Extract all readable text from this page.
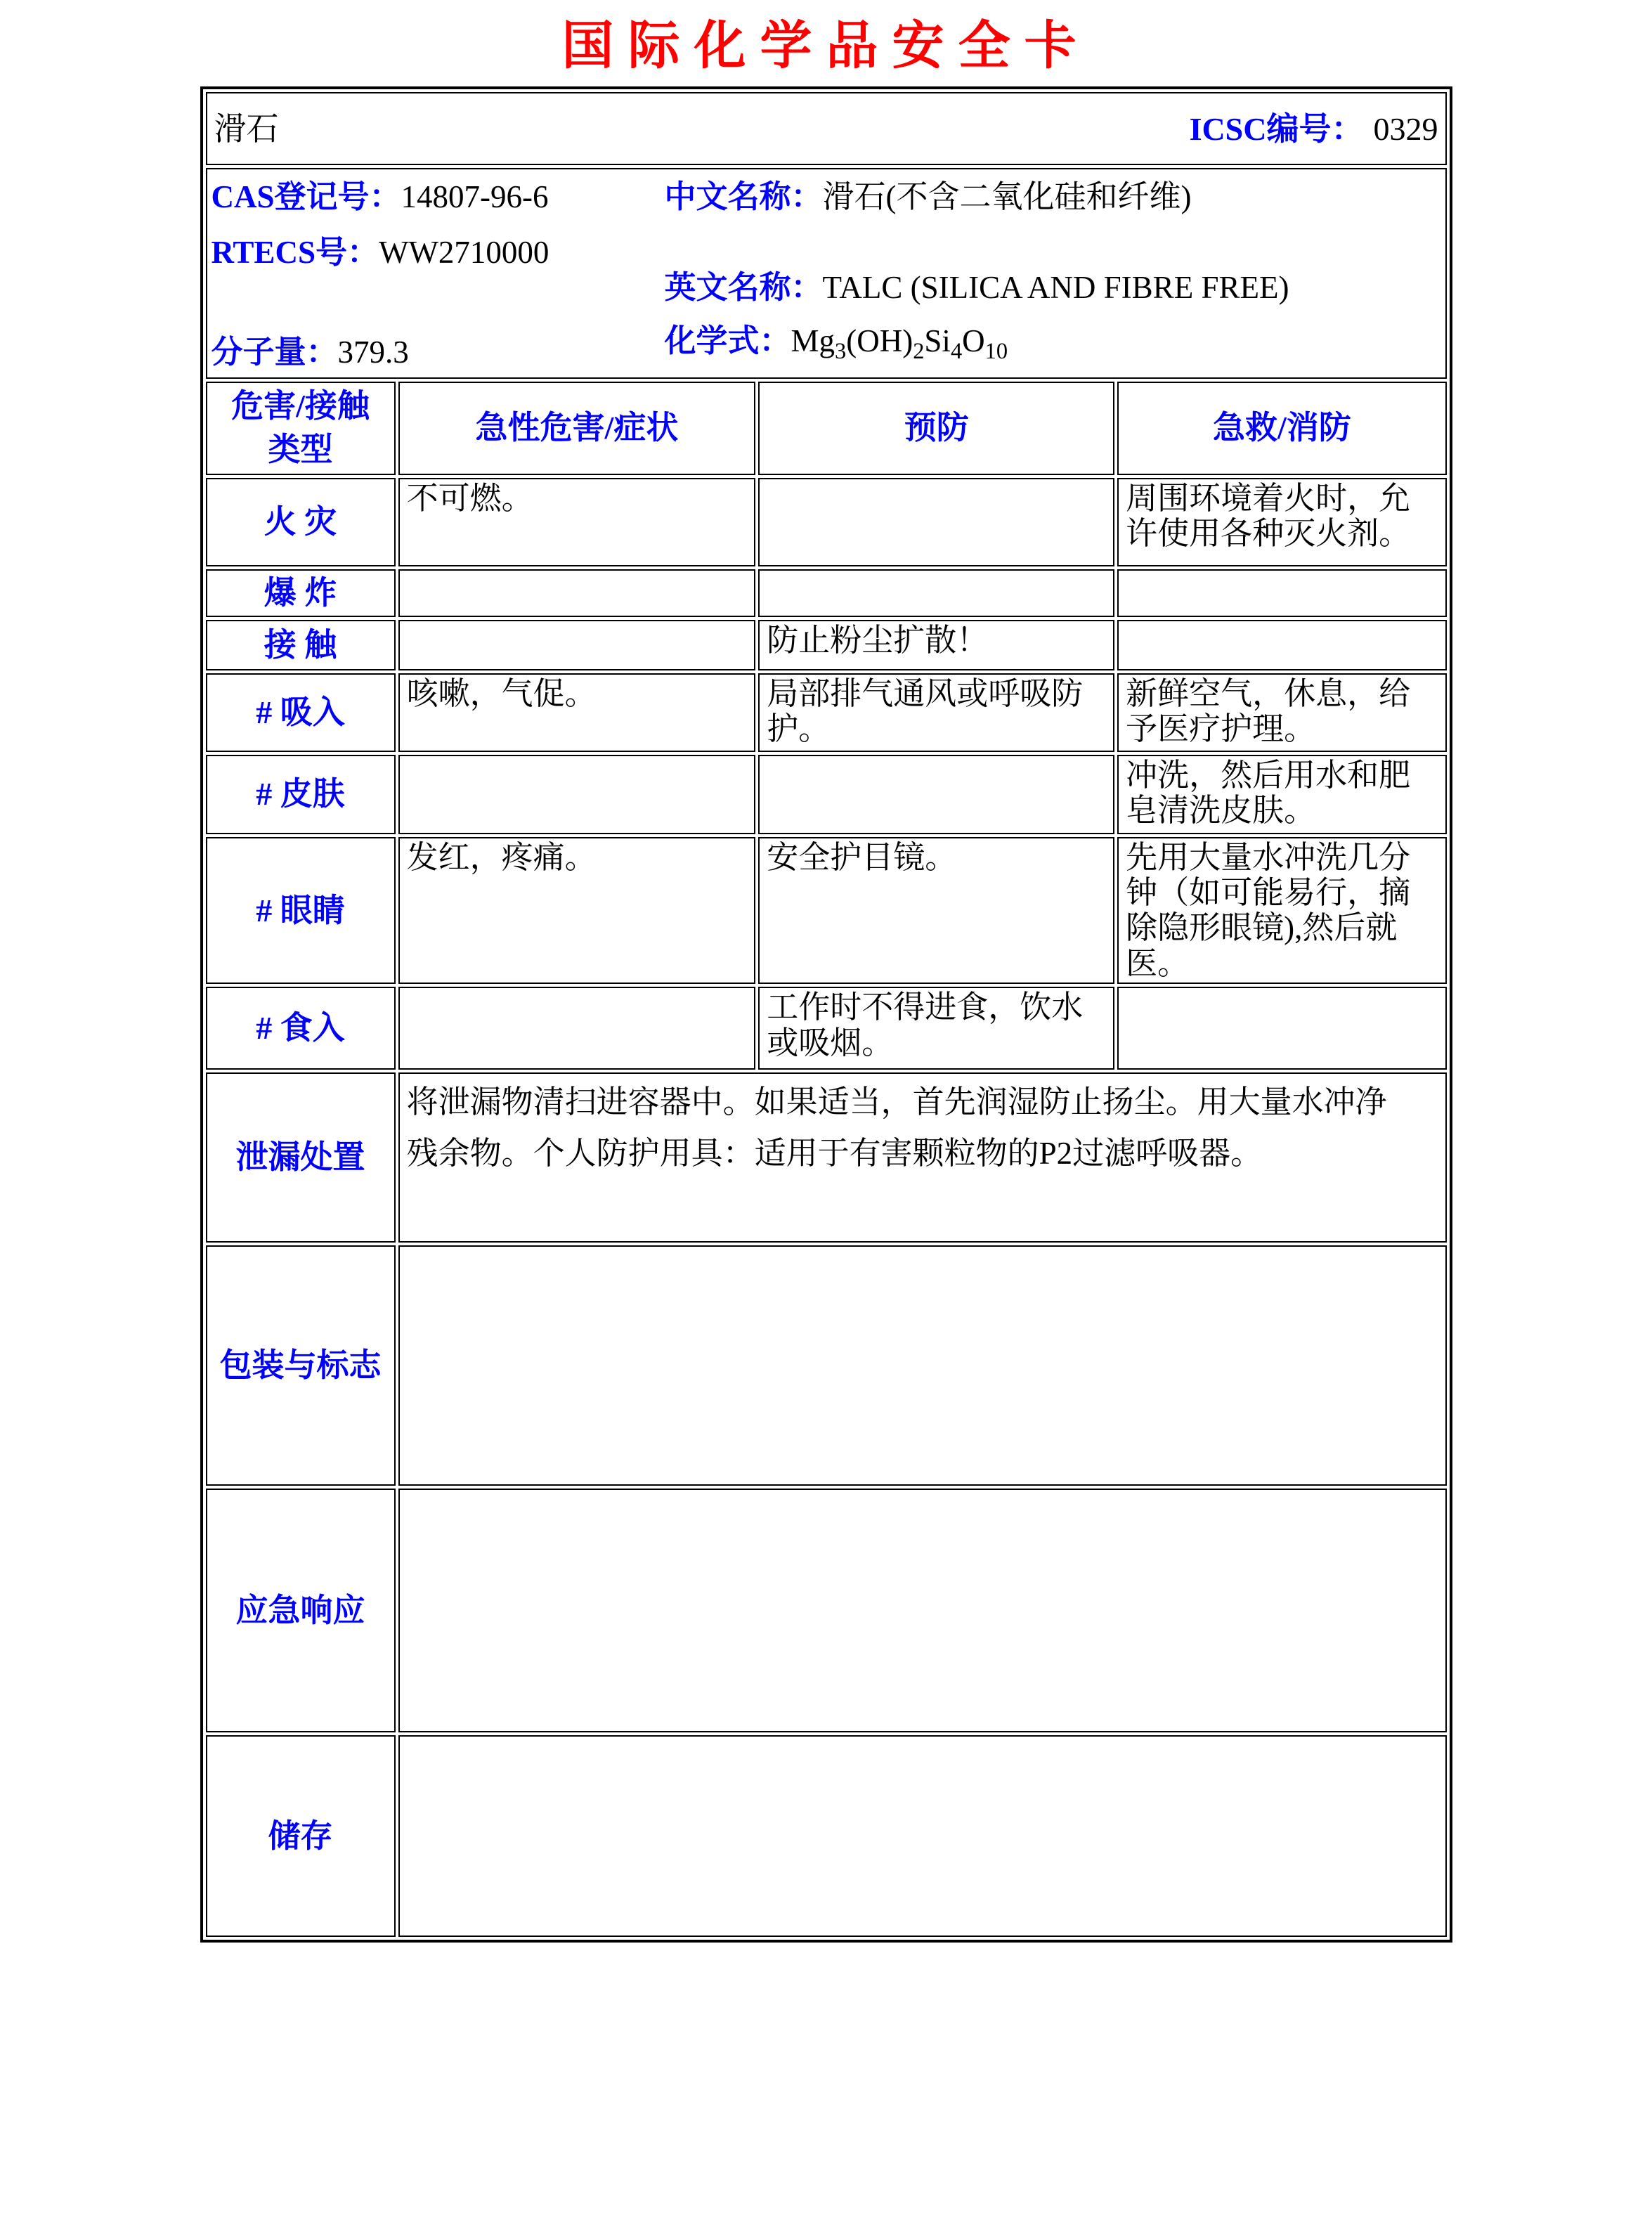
国际化学品安全卡
滑石 ICSC编号： 0329			

CAS登记号：14807-96-6
RTECS号：WW2710000
分子量：379.3
中文名称：滑石(不含二氧化硅和纤维)
英文名称：TALC (SILICA AND FIBRE FREE)
化学式：$Mg_3(OH)_2Si_4O_{10}$

危害/接触
类型	急性危害/症状	预防	急救/消防
火 灾	不可燃。		周围环境着火时，允许使用各种灭火剂。
爆 炸			
接 触		防止粉尘扩散！	
# 吸入	咳嗽，气促。	局部排气通风或呼吸防护。	新鲜空气，休息，给予医疗护理。
# 皮肤			冲洗，然后用水和肥皂清洗皮肤。
# 眼睛	发红，疼痛。	安全护目镜。	先用大量水冲洗几分钟（如可能易行，摘除隐形眼镜),然后就医。
# 食入		工作时不得进食，饮水或吸烟。	
泄漏处置	将泄漏物清扫进容器中。如果适当，首先润湿防止扬尘。用大量水冲净残余物。个人防护用具：适用于有害颗粒物的P2过滤呼吸器。		
包装与标志			
应急响应			
储存			
